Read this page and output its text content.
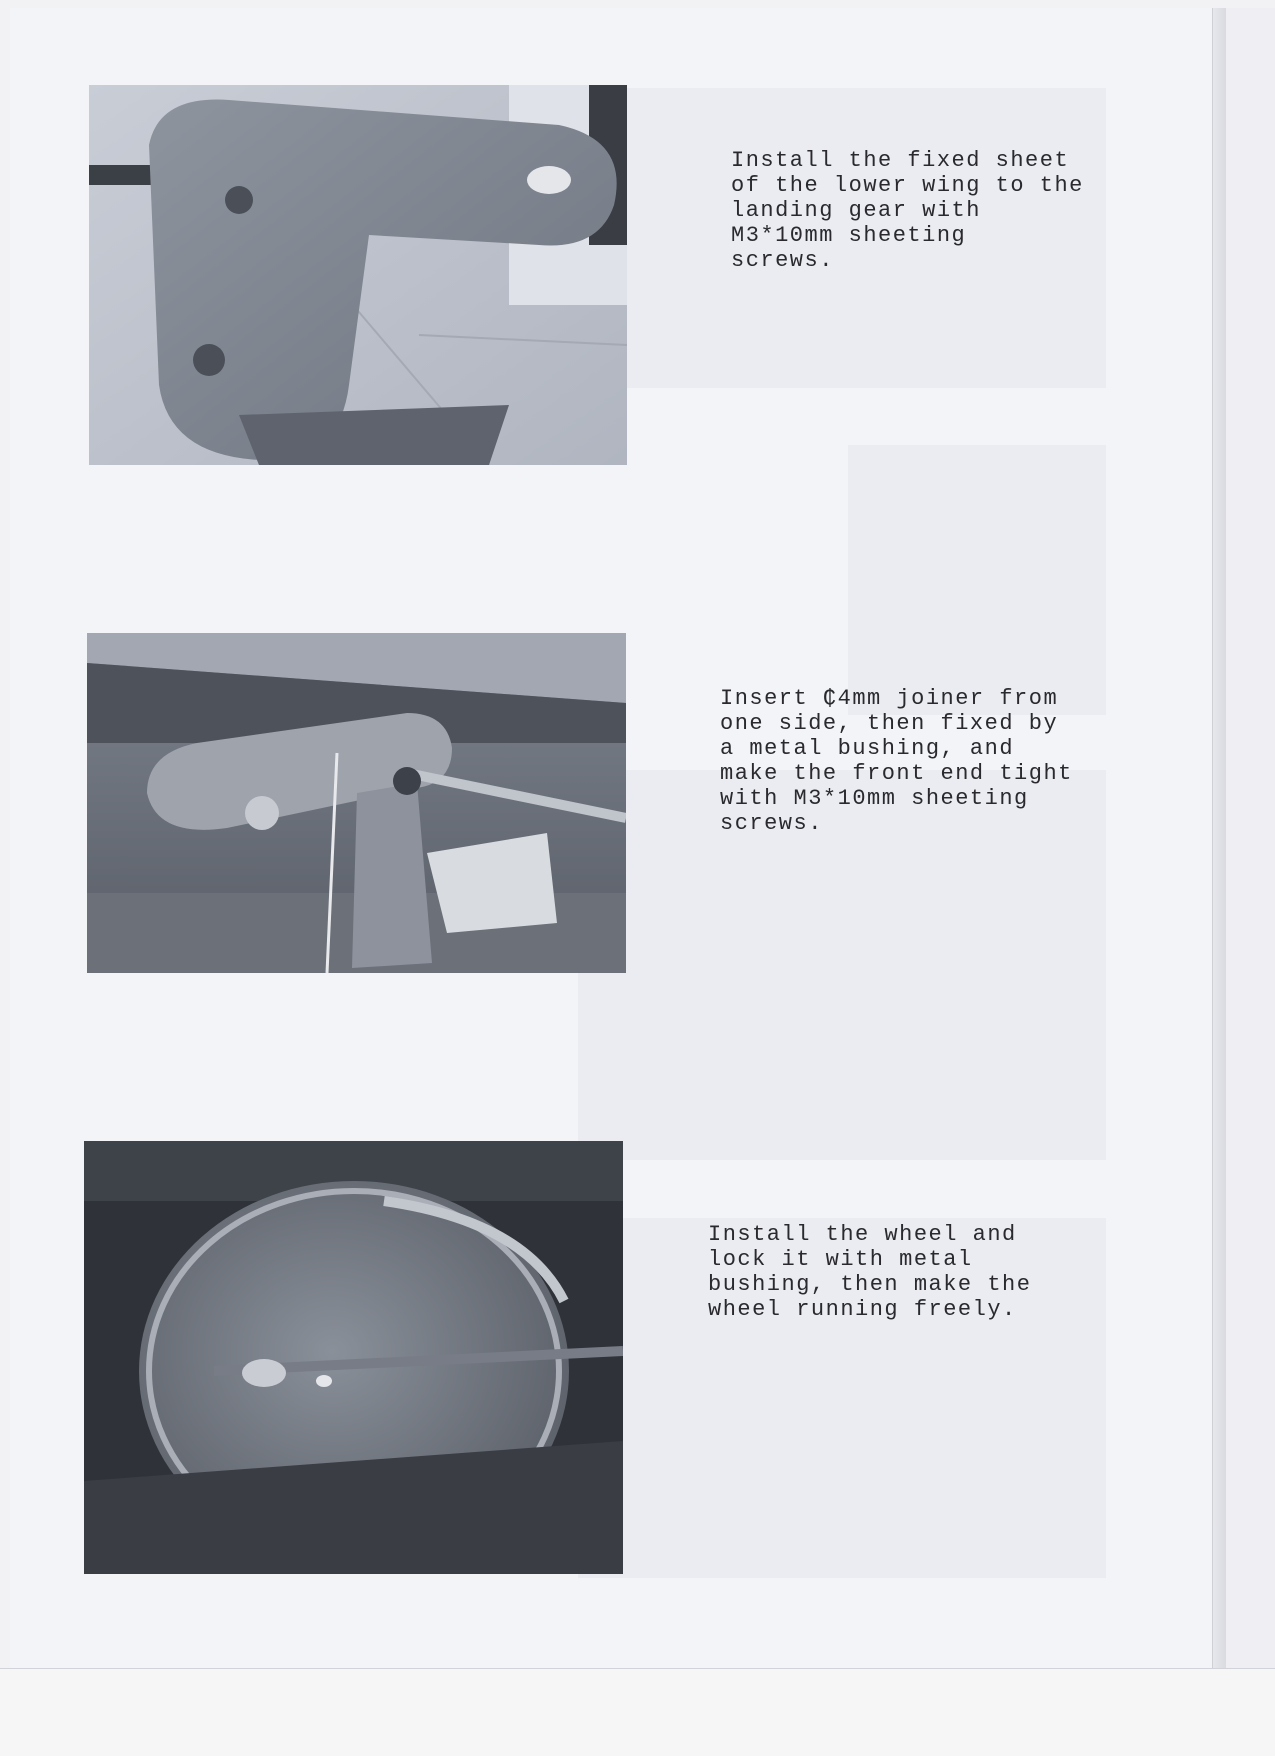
Install the fixed sheet
of the lower wing to the
landing gear with
M3*10mm sheeting
screws.

Insert ₵4mm joiner from
one side, then fixed by
a metal bushing, and
make the front end tight
with M3*10mm sheeting
screws.

Install the wheel and
lock it with metal
bushing, then make the
wheel running freely.
